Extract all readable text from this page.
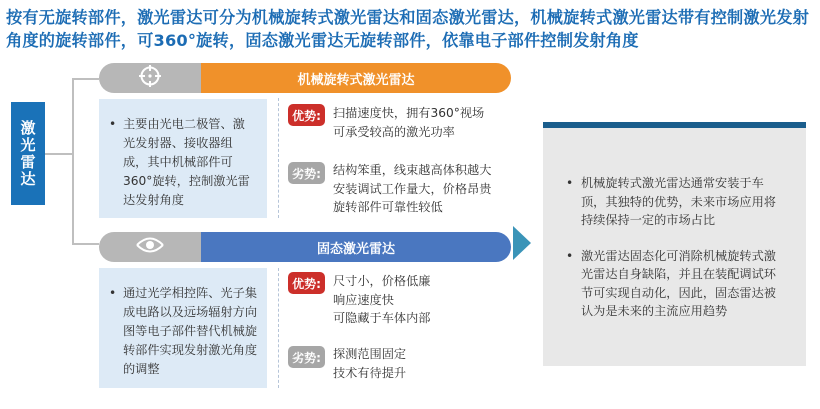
按有无旋转部件，激光雷达可分为机械旋转式激光雷达和固态激光雷达，机械旋转式激光雷达带有控制激光发射角度的旋转部件，可360°旋转，固态激光雷达无旋转部件，依靠电子部件控制发射角度
激光雷达
机械旋转式激光雷达
• 主要由光电二极管、激光发射器、接收器组成，其中机械部件可360°旋转，控制激光雷达发射角度
优势: 扫描速度快，拥有360°视场
可承受较高的激光功率
劣势: 结构笨重，线束越高体积越大
安装调试工作量大，价格昂贵
旋转部件可靠性较低
固态激光雷达
• 通过光学相控阵、光子集成电路以及远场辐射方向图等电子部件替代机械旋转部件实现发射激光角度的调整
优势: 尺寸小，价格低廉
响应速度快
可隐藏于车体内部
劣势: 探测范围固定
技术有待提升
• 机械旋转式激光雷达通常安装于车顶，其独特的优势，未来市场应用将持续保持一定的市场占比
• 激光雷达固态化可消除机械旋转式激光雷达自身缺陷，并且在装配调试环节可实现自动化，因此，固态雷达被认为是未来的主流应用趋势
